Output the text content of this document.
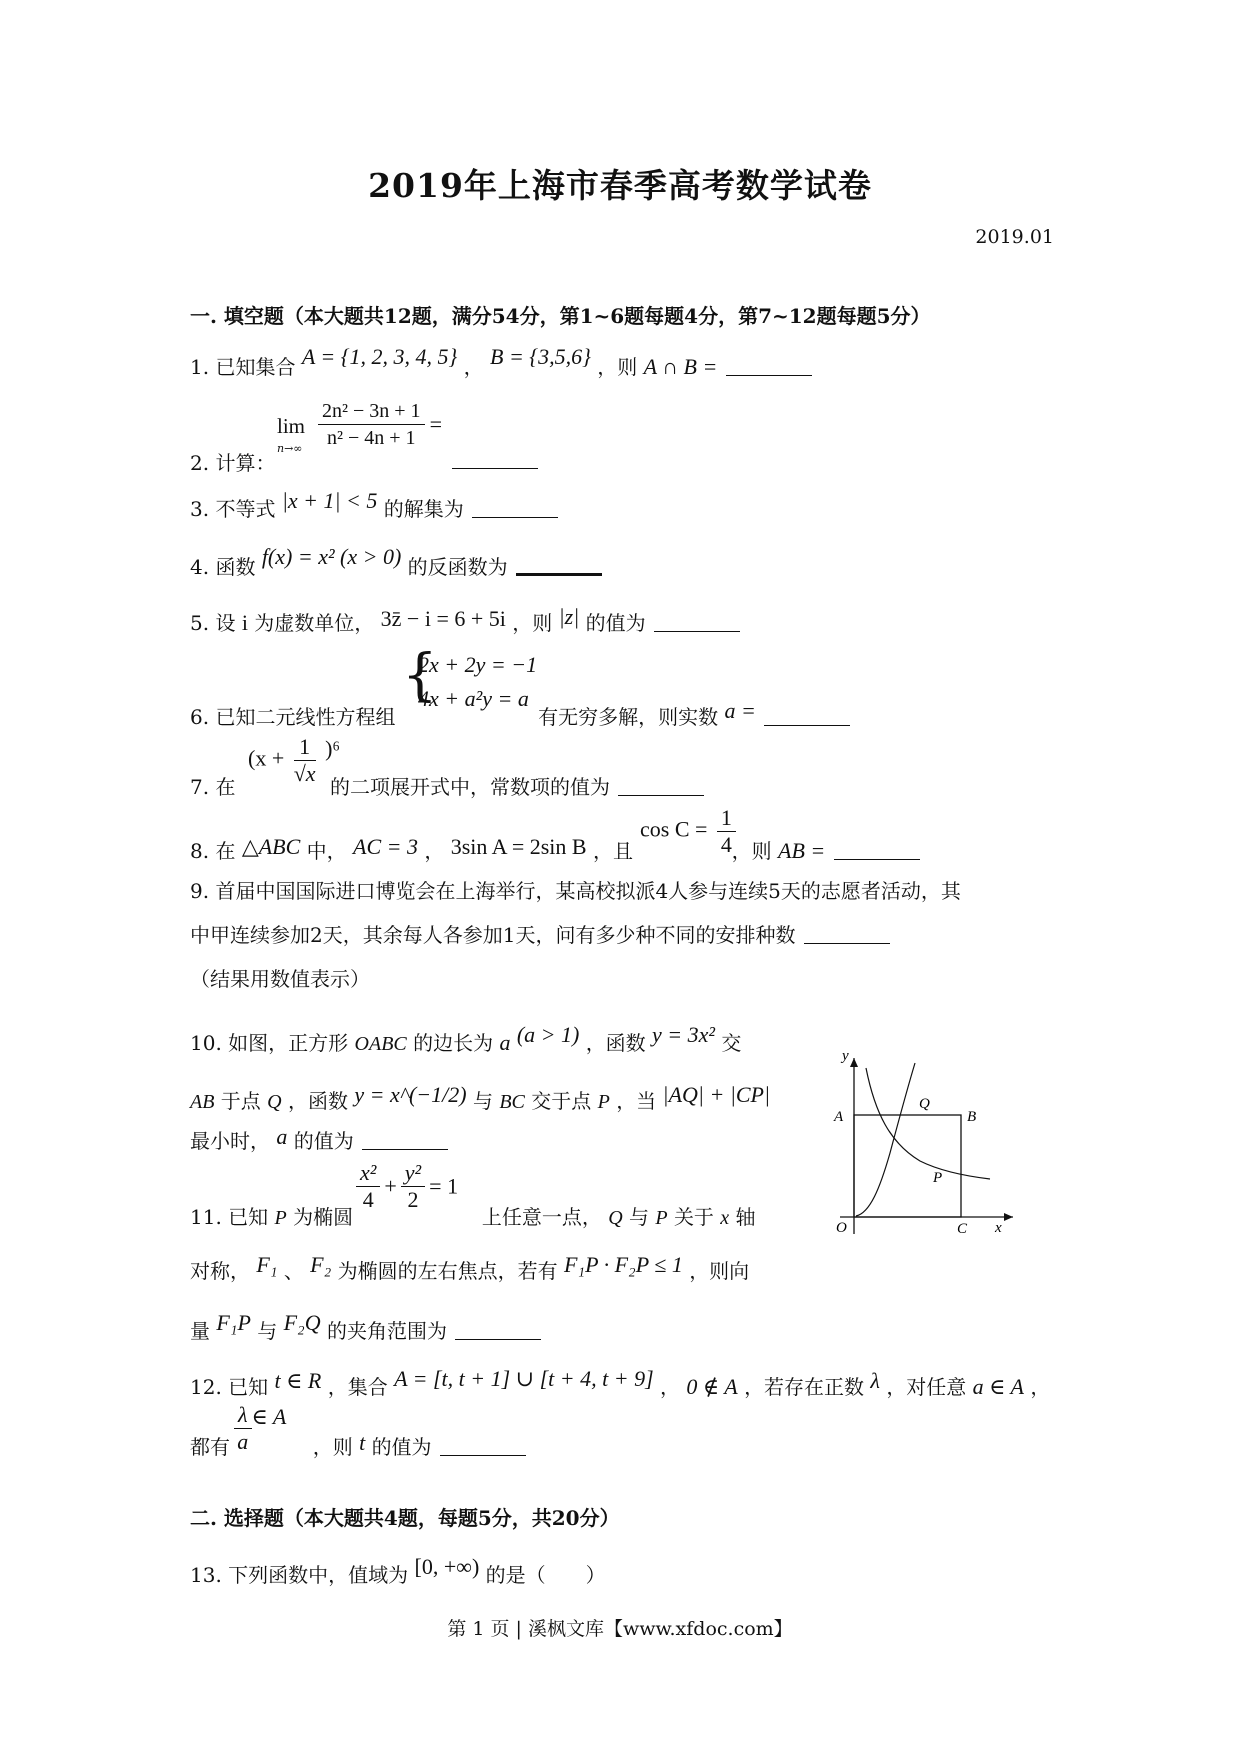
2019年上海市春季高考数学试卷
2019.01
一. 填空题（本大题共12题，满分54分，第1~6题每题4分，第7~12题每题5分）
1. 已知集合 A = {1, 2, 3, 4, 5} ， B = {3,5,6} ，则 A ∩ B =
2. 计算：
lim
$n\to\infty \frac{\text{2n² − 3n + 1}}{\text{n² − 4n + 1}}$ =
3. 不等式 |x + 1| < 5 的解集为
4. 函数 f(x) = x² (x > 0) 的反函数为
5. 设 i 为虚数单位， 3z̄ − i = 6 + 5i ，则 |z| 的值为
{
2x + 2y = −1
4x + a²y = a
6. 已知二元线性方程组	有无穷多解，则实数 a =
7. 在
$(x + \frac{1}{√x} )^6$
的二项展开式中，常数项的值为
8. 在 △ABC 中， AC = 3 ， 3sin A = 2sin B ，且	，则 AB =
$\cos C = \frac{1}{4}$
9. 首届中国国际进口博览会在上海举行，某高校拟派4人参与连续5天的志愿者活动，其
中甲连续参加2天，其余每人各参加1天，问有多少种不同的安排种数
（结果用数值表示）
10. 如图，正方形 OABC 的边长为 a (a > 1) ，函数 y = 3x² 交
AB 于点 Q ，函数 y = x^(−1/2) 与 BC 交于点 P ，当 |AQ| + |CP|
最小时， a 的值为
y
x
O
A	B
C
P
Q
$\frac{\text{x²}}{4} + \frac{\text{y²}}{2} = 1$
11. 已知 P 为椭圆	上任意一点， Q 与 P 关于 x 轴
对称， F₁ 、 F₂ 为椭圆的左右焦点，若有 F₁P · F₂P ≤ 1 ，则向
量 F₁P 与 F₂Q 的夹角范围为
12. 已知 t ∈ R ，集合 A = [t, t + 1] ∪ [t + 4, t + 9] ， 0 ∉ A ，若存在正数 λ ，对任意 a ∈ A ，
$\frac{\lambda}{a}$ ∈ A
都有	，则 t 的值为
二. 选择题（本大题共4题，每题5分，共20分）
13. 下列函数中，值域为 [0, +∞) 的是（　　）
第 1 页 | 溪枫文库【www.xfdoc.com】
